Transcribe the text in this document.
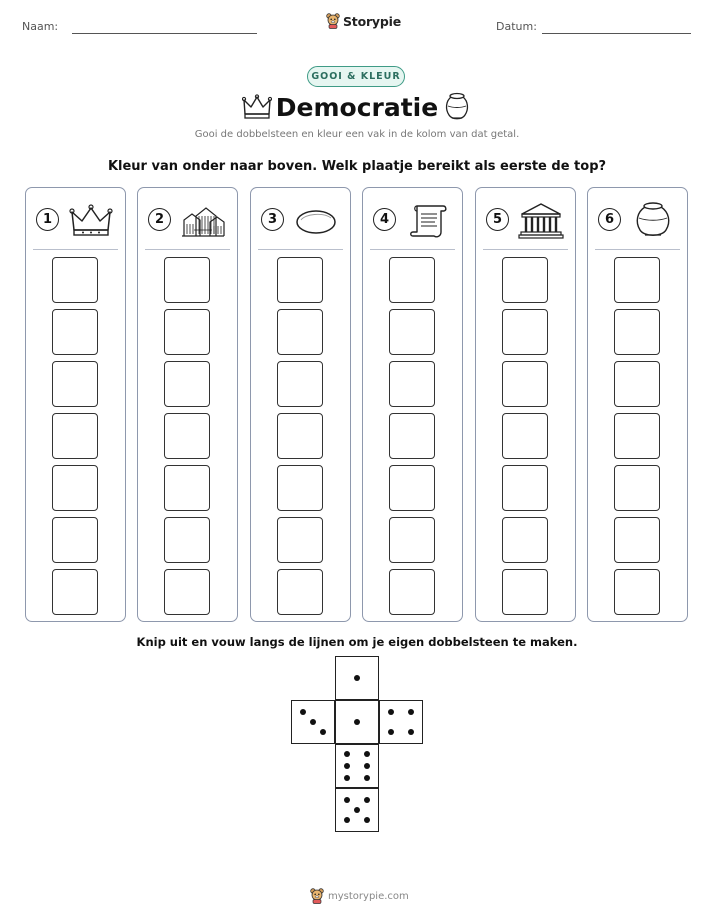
Naam:	Storypie	Datum:
GOOI & KLEUR
Democratie
Gooi de dobbelsteen en kleur een vak in de kolom van dat getal.
Kleur van onder naar boven. Welk plaatje bereikt als eerste de top?
1	2	3	4	5	6
Knip uit en vouw langs de lijnen om je eigen dobbelsteen te maken.
mystorypie.com
